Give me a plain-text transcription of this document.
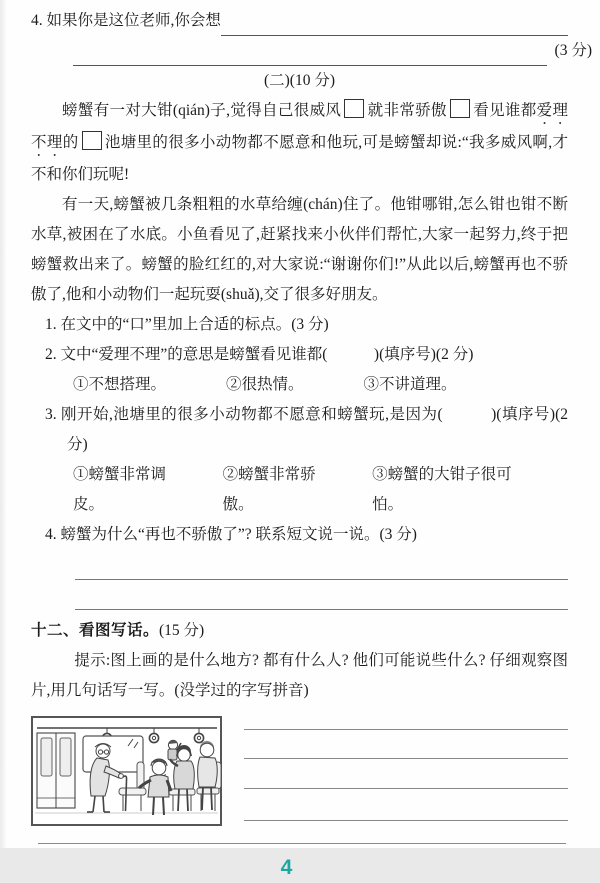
4. 如果你是这位老师,你会想
(3 分)
(二)(10 分)

螃蟹有一对大钳(qián)子,觉得自己很威风 就非常骄傲 看见谁都爱理不理的 池塘里的很多小动物都不愿意和他玩,可是螃蟹却说:“我多威风啊,才不和你们玩呢!

有一天,螃蟹被几条粗粗的水草给缠(chán)住了。他钳哪钳,怎么钳也钳不断水草,被困在了水底。小鱼看见了,赶紧找来小伙伴们帮忙,大家一起努力,终于把螃蟹救出来了。螃蟹的脸红红的,对大家说:“谢谢你们!”从此以后,螃蟹再也不骄傲了,他和小动物们一起玩耍(shuǎ),交了很多好朋友。

1. 在文中的“口”里加上合适的标点。(3 分)
2. 文中“爱理不理”的意思是螃蟹看见谁都(　　　)(填序号)(2 分)
①不想搭理。	②很热情。	③不讲道理。
3. 刚开始,池塘里的很多小动物都不愿意和螃蟹玩,是因为(　　　)(填序号)(2 分)
①螃蟹非常调皮。
②螃蟹非常骄傲。
③螃蟹的大钳子很可怕。
4. 螃蟹为什么“再也不骄傲了”? 联系短文说一说。(3 分)
十二、看图写话。(15 分)

提示:图上画的是什么地方? 都有什么人? 他们可能说些什么? 仔细观察图片,用几句话写一写。(没学过的字写拼音)

4
